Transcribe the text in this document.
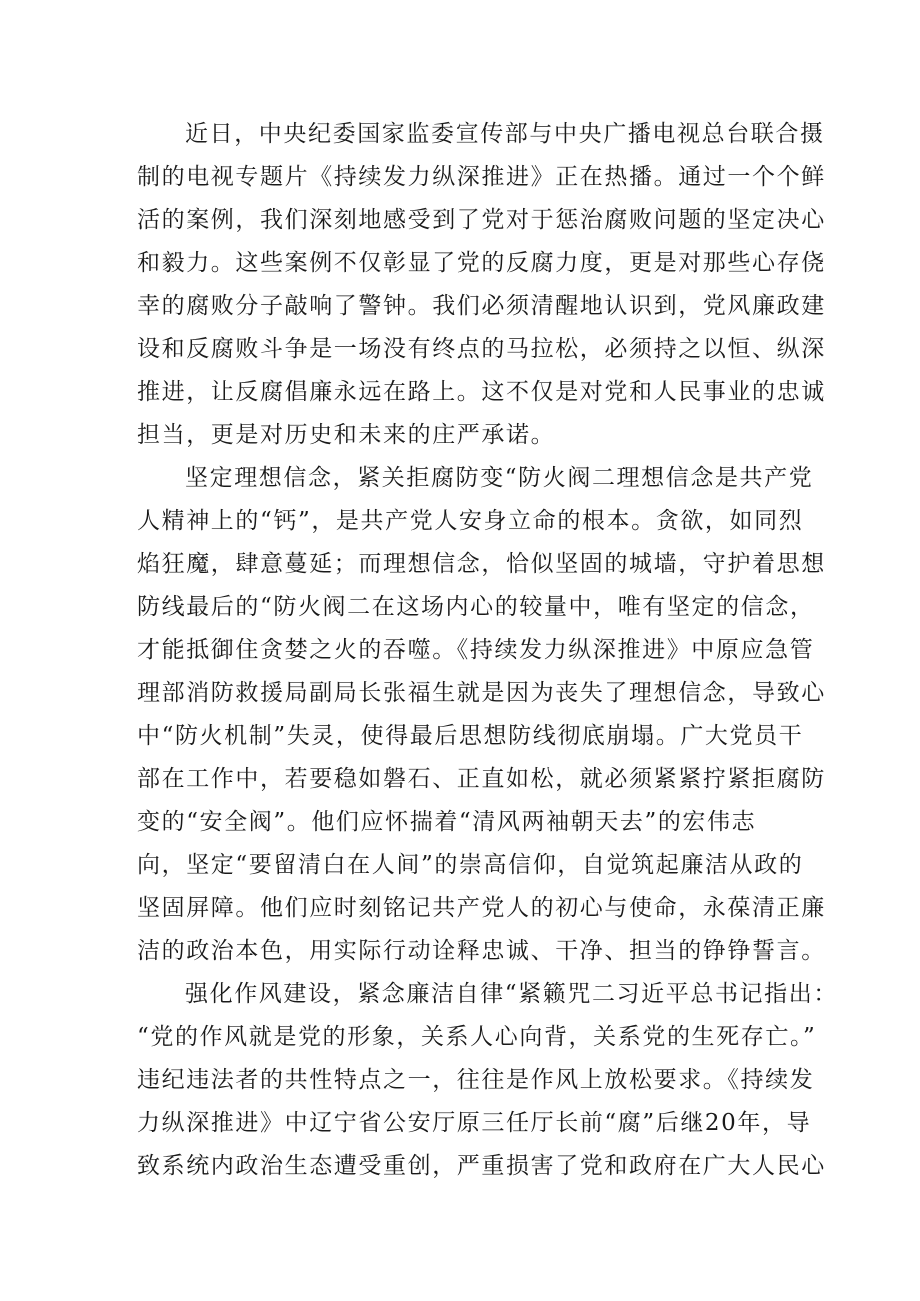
近日，中央纪委国家监委宣传部与中央广播电视总台联合摄
制的电视专题片《持续发力纵深推进》正在热播。通过一个个鲜
活的案例，我们深刻地感受到了党对于惩治腐败问题的坚定决心
和毅力。这些案例不仅彰显了党的反腐力度，更是对那些心存侥
幸的腐败分子敲响了警钟。我们必须清醒地认识到，党风廉政建
设和反腐败斗争是一场没有终点的马拉松，必须持之以恒、纵深
推进，让反腐倡廉永远在路上。这不仅是对党和人民事业的忠诚
担当，更是对历史和未来的庄严承诺。
坚定理想信念，紧关拒腐防变“防火阀二理想信念是共产党
人精神上的“钙”，是共产党人安身立命的根本。贪欲，如同烈
焰狂魔，肆意蔓延；而理想信念，恰似坚固的城墙，守护着思想
防线最后的“防火阀二在这场内心的较量中，唯有坚定的信念，
才能抵御住贪婪之火的吞噬。《持续发力纵深推进》中原应急管
理部消防救援局副局长张福生就是因为丧失了理想信念，导致心
中“防火机制”失灵，使得最后思想防线彻底崩塌。广大党员干
部在工作中，若要稳如磐石、正直如松，就必须紧紧拧紧拒腐防
变的“安全阀”。他们应怀揣着“清风两袖朝天去”的宏伟志
向，坚定“要留清白在人间”的崇高信仰，自觉筑起廉洁从政的
坚固屏障。他们应时刻铭记共产党人的初心与使命，永葆清正廉
洁的政治本色，用实际行动诠释忠诚、干净、担当的铮铮誓言。
强化作风建设，紧念廉洁自律“紧籁咒二习近平总书记指出：
“党的作风就是党的形象，关系人心向背，关系党的生死存亡。”
违纪违法者的共性特点之一，往往是作风上放松要求。《持续发
力纵深推进》中辽宁省公安厅原三任厅长前“腐”后继20年，导
致系统内政治生态遭受重创，严重损害了党和政府在广大人民心
